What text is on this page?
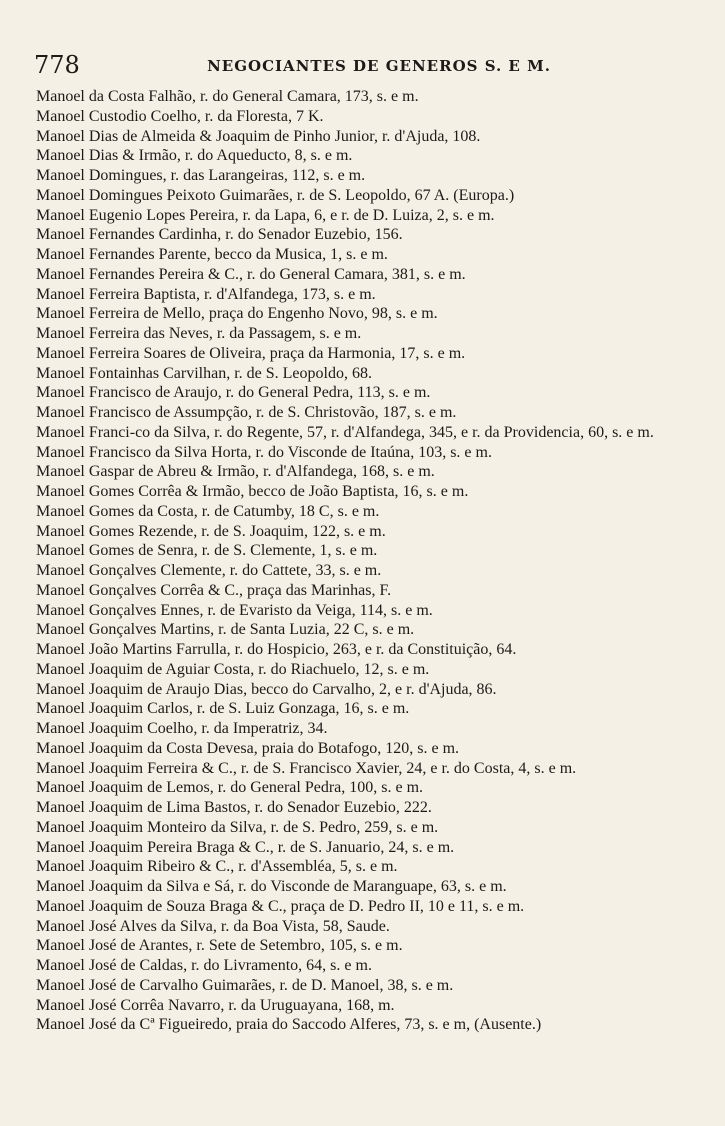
778	NEGOCIANTES DE GENEROS S. E M.

Manoel da Costa Falhão, r. do General Camara, 173, s. e m.

Manoel Custodio Coelho, r. da Floresta, 7 K.

Manoel Dias de Almeida & Joaquim de Pinho Junior, r. d'Ajuda, 108.

Manoel Dias & Irmão, r. do Aqueducto, 8, s. e m.

Manoel Domingues, r. das Larangeiras, 112, s. e m.

Manoel Domingues Peixoto Guimarães, r. de S. Leopoldo, 67 A. (Europa.)

Manoel Eugenio Lopes Pereira, r. da Lapa, 6, e r. de D. Luiza, 2, s. e m.

Manoel Fernandes Cardinha, r. do Senador Euzebio, 156.

Manoel Fernandes Parente, becco da Musica, 1, s. e m.

Manoel Fernandes Pereira & C., r. do General Camara, 381, s. e m.

Manoel Ferreira Baptista, r. d'Alfandega, 173, s. e m.

Manoel Ferreira de Mello, praça do Engenho Novo, 98, s. e m.

Manoel Ferreira das Neves, r. da Passagem, s. e m.

Manoel Ferreira Soares de Oliveira, praça da Harmonia, 17, s. e m.

Manoel Fontainhas Carvilhan, r. de S. Leopoldo, 68.

Manoel Francisco de Araujo, r. do General Pedra, 113, s. e m.

Manoel Francisco de Assumpção, r. de S. Christovão, 187, s. e m.

Manoel Franci-co da Silva, r. do Regente, 57, r. d'Alfandega, 345, e r. da Providencia, 60, s. e m.

Manoel Francisco da Silva Horta, r. do Visconde de Itaúna, 103, s. e m.

Manoel Gaspar de Abreu & Irmão, r. d'Alfandega, 168, s. e m.

Manoel Gomes Corrêa & Irmão, becco de João Baptista, 16, s. e m.

Manoel Gomes da Costa, r. de Catumby, 18 C, s. e m.

Manoel Gomes Rezende, r. de S. Joaquim, 122, s. e m.

Manoel Gomes de Senra, r. de S. Clemente, 1, s. e m.

Manoel Gonçalves Clemente, r. do Cattete, 33, s. e m.

Manoel Gonçalves Corrêa & C., praça das Marinhas, F.

Manoel Gonçalves Ennes, r. de Evaristo da Veiga, 114, s. e m.

Manoel Gonçalves Martins, r. de Santa Luzia, 22 C, s. e m.

Manoel João Martins Farrulla, r. do Hospicio, 263, e r. da Constituição, 64.

Manoel Joaquim de Aguiar Costa, r. do Riachuelo, 12, s. e m.

Manoel Joaquim de Araujo Dias, becco do Carvalho, 2, e r. d'Ajuda, 86.

Manoel Joaquim Carlos, r. de S. Luiz Gonzaga, 16, s. e m.

Manoel Joaquim Coelho, r. da Imperatriz, 34.

Manoel Joaquim da Costa Devesa, praia do Botafogo, 120, s. e m.

Manoel Joaquim Ferreira & C., r. de S. Francisco Xavier, 24, e r. do Costa, 4, s. e m.

Manoel Joaquim de Lemos, r. do General Pedra, 100, s. e m.

Manoel Joaquim de Lima Bastos, r. do Senador Euzebio, 222.

Manoel Joaquim Monteiro da Silva, r. de S. Pedro, 259, s. e m.

Manoel Joaquim Pereira Braga & C., r. de S. Januario, 24, s. e m.

Manoel Joaquim Ribeiro & C., r. d'Assembléa, 5, s. e m.

Manoel Joaquim da Silva e Sá, r. do Visconde de Maranguape, 63, s. e m.

Manoel Joaquim de Souza Braga & C., praça de D. Pedro II, 10 e 11, s. e m.

Manoel José Alves da Silva, r. da Boa Vista, 58, Saude.

Manoel José de Arantes, r. Sete de Setembro, 105, s. e m.

Manoel José de Caldas, r. do Livramento, 64, s. e m.

Manoel José de Carvalho Guimarães, r. de D. Manoel, 38, s. e m.

Manoel José Corrêa Navarro, r. da Uruguayana, 168, m.

Manoel José da Cª Figueiredo, praia do Saccodo Alferes, 73, s. e m, (Ausente.)
